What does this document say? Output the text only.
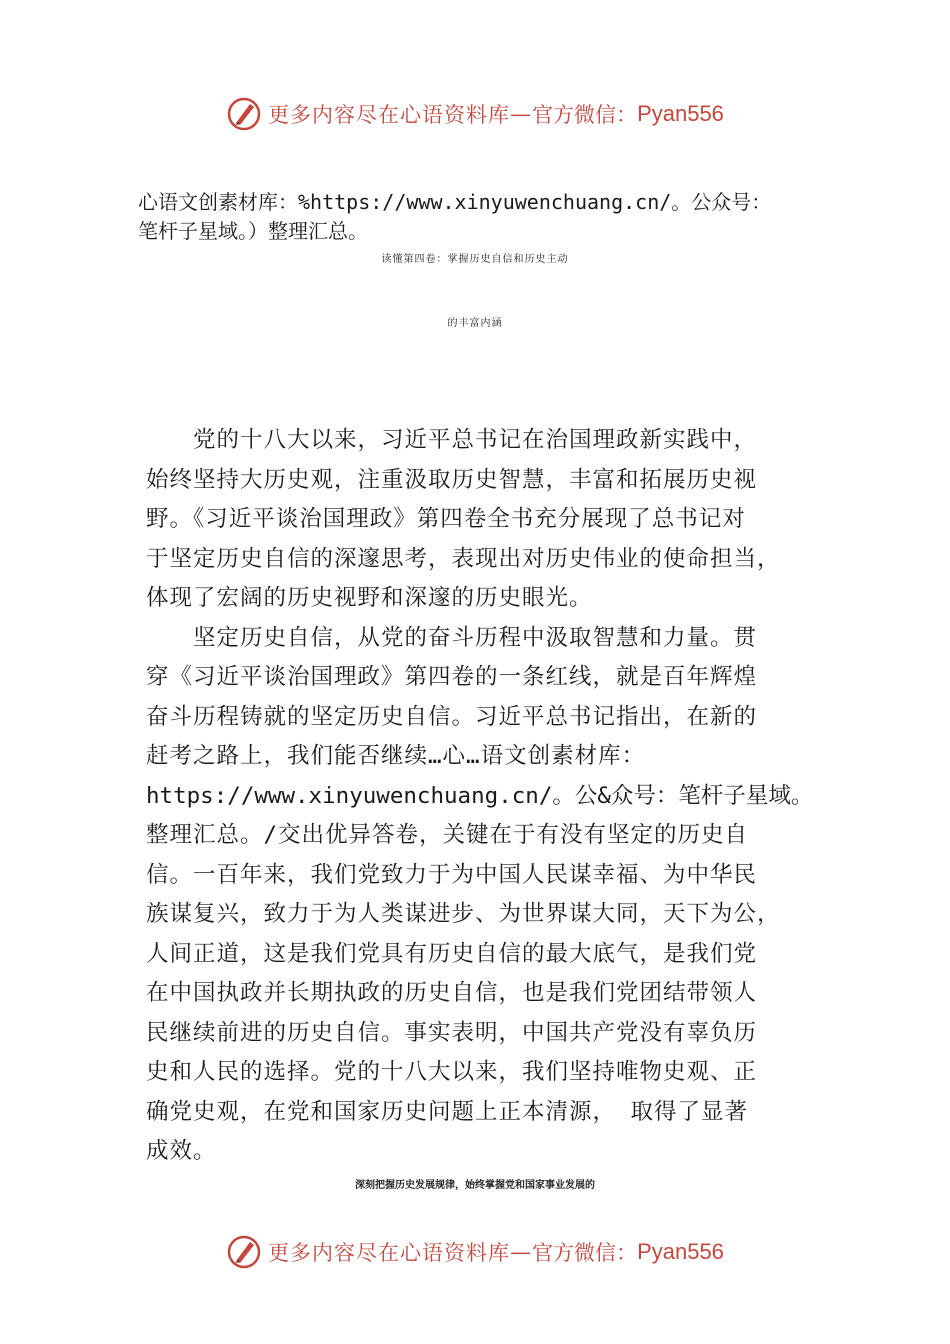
更多内容尽在心语资料库 — 官方微信： Pyan556
心语文创素材库：%https://www.xinyuwenchuang.cn/。公众号：
笔杆子星域。）整理汇总。
读懂第四卷：掌握历史自信和历史主动
的丰富内涵
　　党的十八大以来，习近平总书记在治国理政新实践中，
始终坚持大历史观，注重汲取历史智慧，丰富和拓展历史视
野。《习近平谈治国理政》第四卷全书充分展现了总书记对
于坚定历史自信的深邃思考，表现出对历史伟业的使命担当，
体现了宏阔的历史视野和深邃的历史眼光。
　　坚定历史自信，从党的奋斗历程中汲取智慧和力量。贯
穿《习近平谈治国理政》第四卷的一条红线，就是百年辉煌
奋斗历程铸就的坚定历史自信。习近平总书记指出，在新的
赶考之路上，我们能否继续…心…语文创素材库：
https://www.xinyuwenchuang.cn/。公&众号：笔杆子星域。
整理汇总。/交出优异答卷，关键在于有没有坚定的历史自
信。一百年来，我们党致力于为中国人民谋幸福、为中华民
族谋复兴，致力于为人类谋进步、为世界谋大同，天下为公，
人间正道，这是我们党具有历史自信的最大底气，是我们党
在中国执政并长期执政的历史自信，也是我们党团结带领人
民继续前进的历史自信。事实表明，中国共产党没有辜负历
史和人民的选择。党的十八大以来，我们坚持唯物史观、正
确党史观，在党和国家历史问题上正本清源， 取得了显著
成效。
深刻把握历史发展规律，始终掌握党和国家事业发展的
更多内容尽在心语资料库 — 官方微信： Pyan556
